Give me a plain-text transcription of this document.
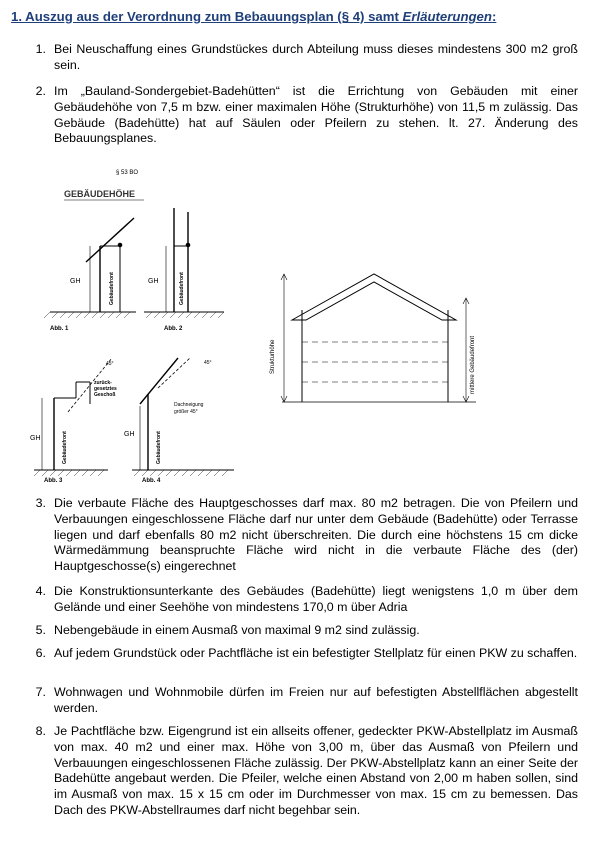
1. Auszug aus der Verordnung zum Bebauungsplan (§ 4) samt Erläuterungen:
1. Bei Neuschaffung eines Grundstückes durch Abteilung muss dieses mindestens 300 m2 groß sein.
2. Im „Bauland-Sondergebiet-Badehütten“ ist die Errichtung von Gebäuden mit einer Gebäudehöhe von 7,5 m bzw. einer maximalen Höhe (Strukturhöhe) von 11,5 m zulässig. Das Gebäude (Badehütte) hat auf Säulen oder Pfeilern zu stehen. lt. 27. Änderung des Bebauungsplanes.
§ 53 BO
GEBÄUDEHÖHE
GH	Gebäudefront
Abb. 1
GH	Gebäudefront
Abb. 2
45°
zurück-
gesetztes
Geschoß
GH	Gebäudefront
Abb. 3
45°
Dachneigung
größer 45°
GH	Gebäudefront
Abb. 4
Strukturhöhe	mittlere Gebäudefront
3. Die verbaute Fläche des Hauptgeschosses darf max. 80 m2 betragen. Die von Pfeilern und Verbauungen eingeschlossene Fläche darf nur unter dem Gebäude (Badehütte) oder Terrasse liegen und darf ebenfalls 80 m2 nicht überschreiten. Die durch eine höchstens 15 cm dicke Wärmedämmung beanspruchte Fläche wird nicht in die verbaute Fläche des (der) Hauptgeschosse(s) eingerechnet
4. Die Konstruktionsunterkante des Gebäudes (Badehütte) liegt wenigstens 1,0 m über dem Gelände und einer Seehöhe von mindestens 170,0 m über Adria
5. Nebengebäude in einem Ausmaß von maximal 9 m2 sind zulässig.
6. Auf jedem Grundstück oder Pachtfläche ist ein befestigter Stellplatz für einen PKW zu schaffen.
7. Wohnwagen und Wohnmobile dürfen im Freien nur auf befestigten Abstellflächen abgestellt werden.
8. Je Pachtfläche bzw. Eigengrund ist ein allseits offener, gedeckter PKW-Abstellplatz im Ausmaß von max. 40 m2 und einer max. Höhe von 3,00 m, über das Ausmaß von Pfeilern und Verbauungen eingeschlossenen Fläche zulässig. Der PKW-Abstellplatz kann an einer Seite der Badehütte angebaut werden. Die Pfeiler, welche einen Abstand von 2,00 m haben sollen, sind im Ausmaß von max. 15 x 15 cm oder im Durchmesser von max. 15 cm zu bemessen. Das Dach des PKW-Abstellraumes darf nicht begehbar sein.
